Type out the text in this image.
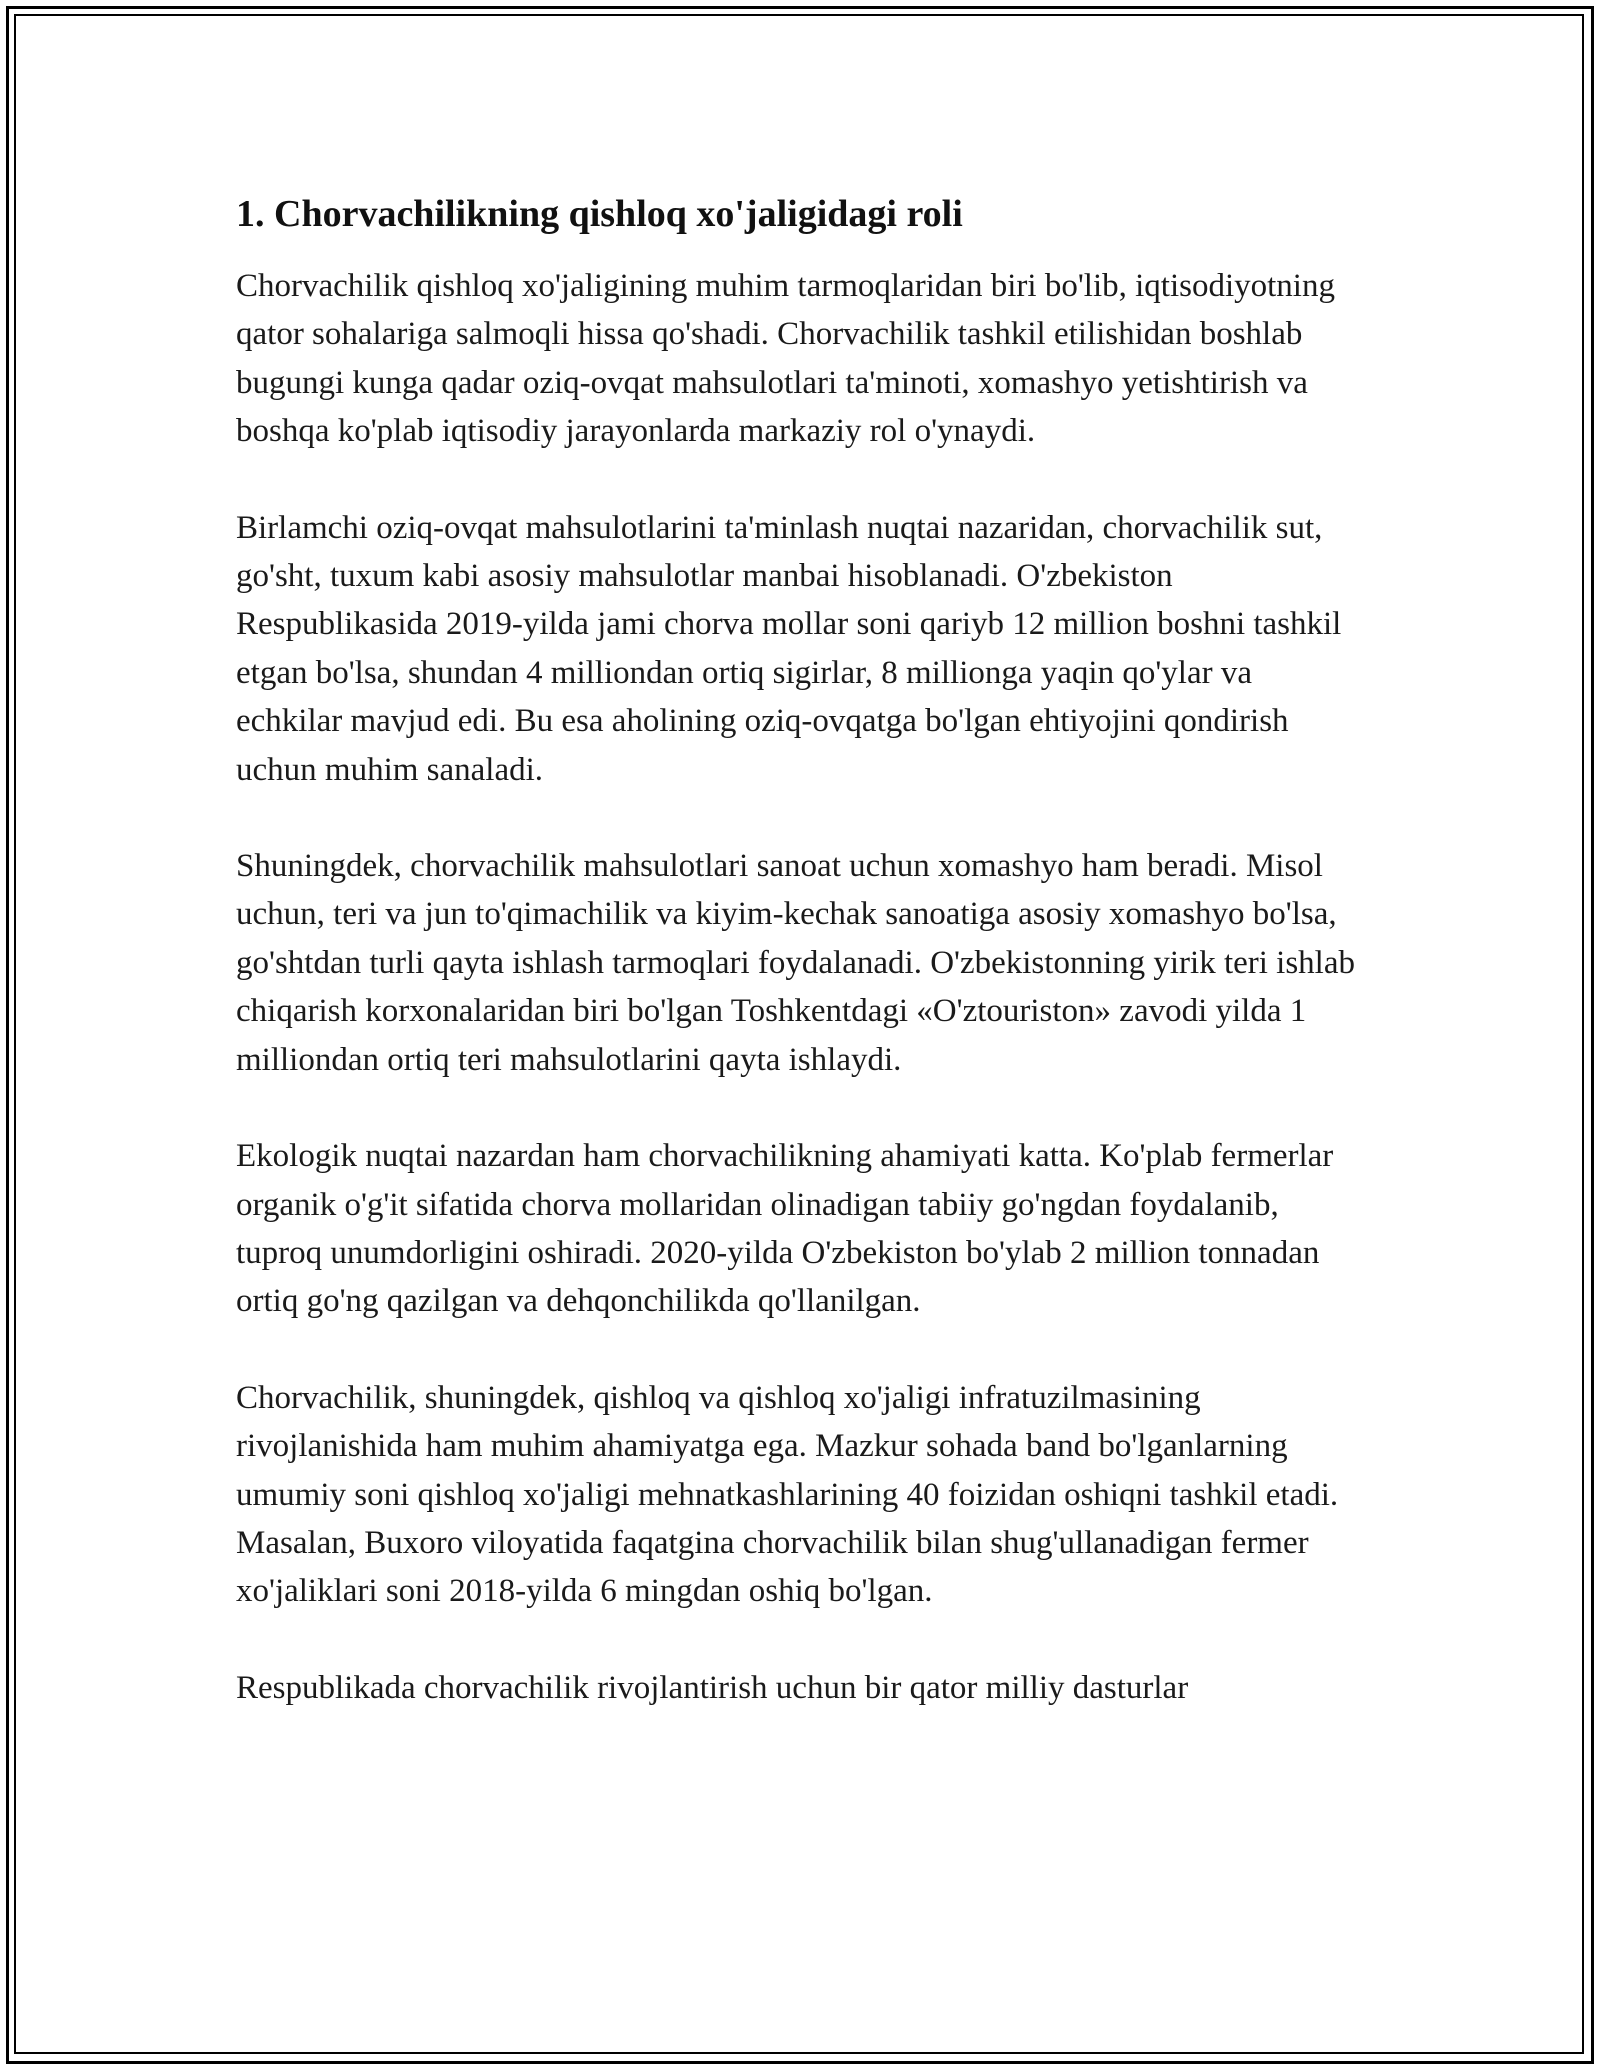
1. Chorvachilikning qishloq xo'jaligidagi roli

Chorvachilik qishloq xo'jaligining muhim tarmoqlaridan biri bo'lib, iqtisodiyotning qator sohalariga salmoqli hissa qo'shadi. Chorvachilik tashkil etilishidan boshlab bugungi kunga qadar oziq-ovqat mahsulotlari ta'minoti, xomashyo yetishtirish va boshqa ko'plab iqtisodiy jarayonlarda markaziy rol o'ynaydi.

Birlamchi oziq-ovqat mahsulotlarini ta'minlash nuqtai nazaridan, chorvachilik sut, go'sht, tuxum kabi asosiy mahsulotlar manbai hisoblanadi. O'zbekiston Respublikasida 2019-yilda jami chorva mollar soni qariyb 12 million boshni tashkil etgan bo'lsa, shundan 4 milliondan ortiq sigirlar, 8 millionga yaqin qo'ylar va echkilar mavjud edi. Bu esa aholining oziq-ovqatga bo'lgan ehtiyojini qondirish uchun muhim sanaladi.

Shuningdek, chorvachilik mahsulotlari sanoat uchun xomashyo ham beradi. Misol uchun, teri va jun to'qimachilik va kiyim-kechak sanoatiga asosiy xomashyo bo'lsa, go'shtdan turli qayta ishlash tarmoqlari foydalanadi. O'zbekistonning yirik teri ishlab chiqarish korxonalaridan biri bo'lgan Toshkentdagi «O'ztouriston» zavodi yilda 1 milliondan ortiq teri mahsulotlarini qayta ishlaydi.

Ekologik nuqtai nazardan ham chorvachilikning ahamiyati katta. Ko'plab fermerlar organik o'g'it sifatida chorva mollaridan olinadigan tabiiy go'ngdan foydalanib, tuproq unumdorligini oshiradi. 2020-yilda O'zbekiston bo'ylab 2 million tonnadan ortiq go'ng qazilgan va dehqonchilikda qo'llanilgan.

Chorvachilik, shuningdek, qishloq va qishloq xo'jaligi infratuzilmasining rivojlanishida ham muhim ahamiyatga ega. Mazkur sohada band bo'lganlarning umumiy soni qishloq xo'jaligi mehnatkashlarining 40 foizidan oshiqni tashkil etadi. Masalan, Buxoro viloyatida faqatgina chorvachilik bilan shug'ullanadigan fermer xo'jaliklari soni 2018-yilda 6 mingdan oshiq bo'lgan.

Respublikada chorvachilik rivojlantirish uchun bir qator milliy dasturlar
